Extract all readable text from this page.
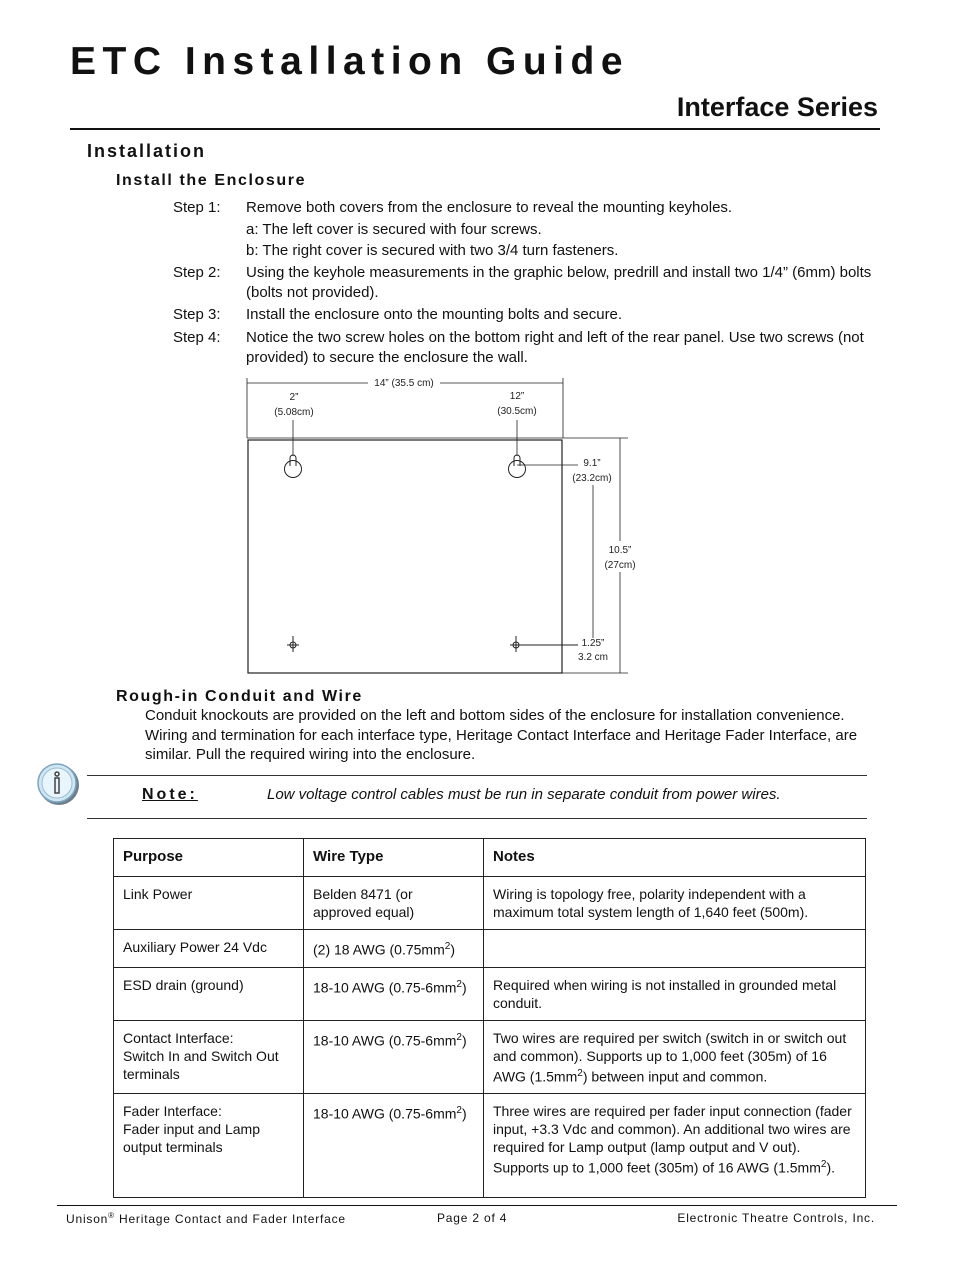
ETC Installation Guide
Interface Series
Installation
Install the Enclosure
Step 1: Remove both covers from the enclosure to reveal the mounting keyholes.
a: The left cover is secured with four screws.
b: The right cover is secured with two 3/4 turn fasteners.
Step 2: Using the keyhole measurements in the graphic below, predrill and install two 1/4” (6mm) bolts (bolts not provided).
Step 3: Install the enclosure onto the mounting bolts and secure.
Step 4: Notice the two screw holes on the bottom right and left of the rear panel. Use two screws (not provided) to secure the enclosure the wall.
14” (35.5 cm)
2”
(5.08cm)
12”
(30.5cm)
9.1”
(23.2cm)
10.5”
(27cm)
1.25”
3.2 cm
Rough-in Conduit and Wire
Conduit knockouts are provided on the left and bottom sides of the enclosure for installation convenience. Wiring and termination for each interface type, Heritage Contact Interface and Heritage Fader Interface, are similar. Pull the required wiring into the enclosure.
Note:	Low voltage control cables must be run in separate conduit from power wires.
Purpose	Wire Type	Notes
Link Power	Belden 8471 (or approved equal)	Wiring is topology free, polarity independent with a maximum total system length of 1,640 feet (500m).
Auxiliary Power 24 Vdc	(2) 18 AWG $(0.75mm^2)$	
ESD drain (ground)	18-10 AWG $(0.75-6mm^2)$	Required when wiring is not installed in grounded metal conduit.

Contact Interface:
Switch In and Switch Out terminals	18-10 AWG $(0.75-6mm^2)$	Two wires are required per switch (switch in or switch out and common). Supports up to 1,000 feet (305m) of 16 AWG $(1.5mm^2)$ between input and common.

Fader Interface:
Fader input and Lamp output terminals	18-10 AWG $(0.75-6mm^2)$	Three wires are required per fader input connection (fader input, +3.3 Vdc and common). An additional two wires are required for Lamp output (lamp output and V out). Supports up to 1,000 feet (305m) of 16 AWG $(1.5mm^2)$.
Unison® Heritage Contact and Fader Interface	Page 2 of 4	Electronic Theatre Controls, Inc.
